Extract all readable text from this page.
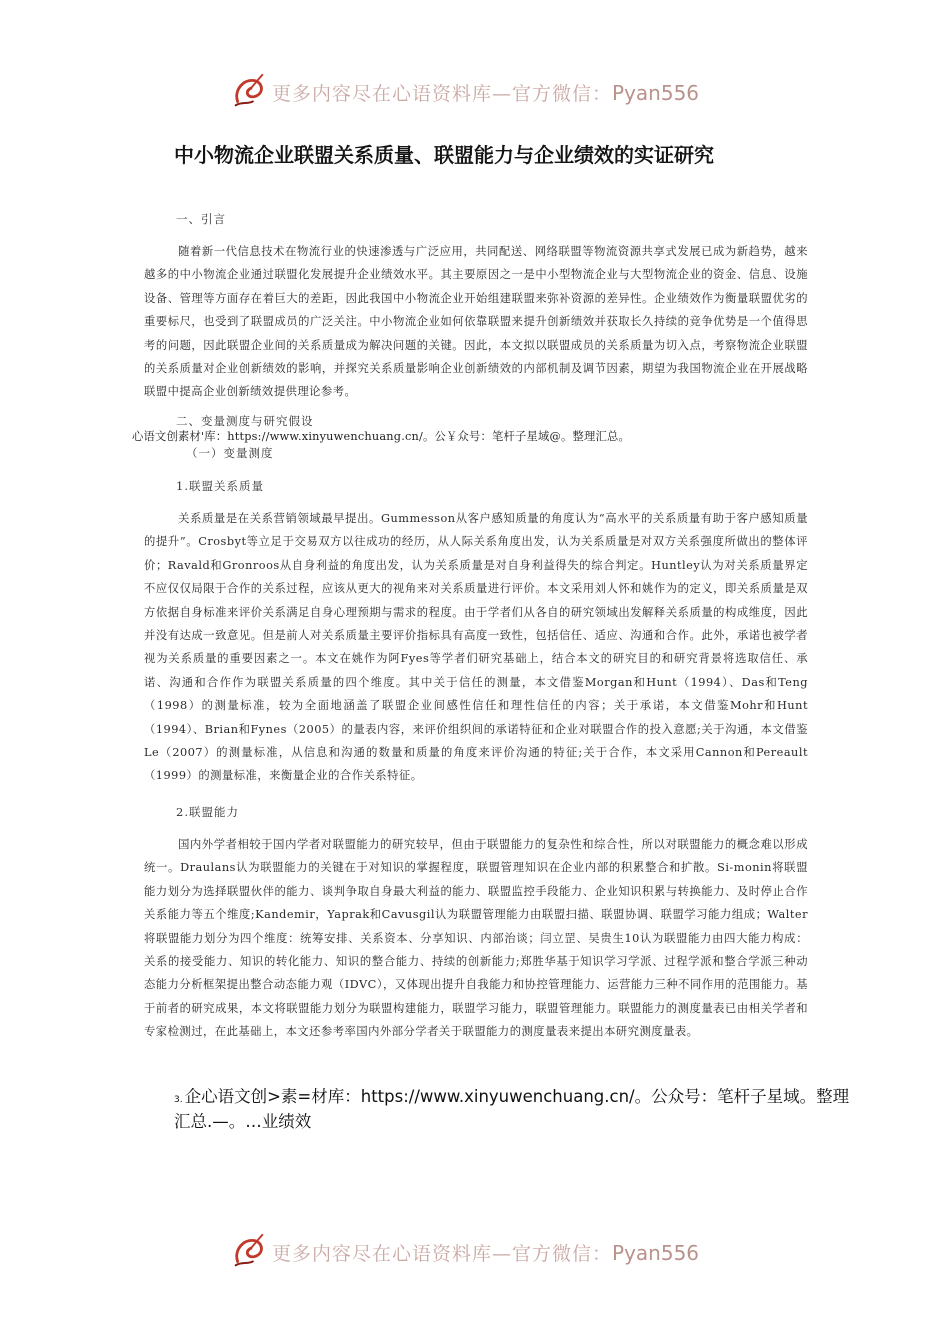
更多内容尽在心语资料库—官方微信：Pyan556
中小物流企业联盟关系质量、联盟能力与企业绩效的实证研究
一、引言

随着新一代信息技术在物流行业的快速渗透与广泛应用，共同配送、网络联盟等物流资源共享式发展已成为新趋势，越来越多的中小物流企业通过联盟化发展提升企业绩效水平。其主要原因之一是中小型物流企业与大型物流企业的资金、信息、设施设备、管理等方面存在着巨大的差距，因此我国中小物流企业开始组建联盟来弥补资源的差异性。企业绩效作为衡量联盟优劣的重要标尺，也受到了联盟成员的广泛关注。中小物流企业如何依靠联盟来提升创新绩效并获取长久持续的竞争优势是一个值得思考的问题，因此联盟企业间的关系质量成为解决问题的关键。因此，本文拟以联盟成员的关系质量为切入点，考察物流企业联盟的关系质量对企业创新绩效的影响，并探究关系质量影响企业创新绩效的内部机制及调节因素，期望为我国物流企业在开展战略联盟中提高企业创新绩效提供理论参考。

二、变量测度与研究假设
心语文创素材'库：https://www.xinyuwenchuang.cn/。公￥众号：笔杆子星域@。整理汇总。
（一）变量测度
1.联盟关系质量

关系质量是在关系营销领域最早提出。Gummesson从客户感知质量的角度认为“高水平的关系质量有助于客户感知质量的提升”。Crosbyt等立足于交易双方以往成功的经历，从人际关系角度出发，认为关系质量是对双方关系强度所做出的整体评价；Ravald和Gronroos从自身利益的角度出发，认为关系质量是对自身利益得失的综合判定。Huntley认为对关系质量界定不应仅仅局限于合作的关系过程，应该从更大的视角来对关系质量进行评价。本文采用刘人怀和姚作为的定义，即关系质量是双方依据自身标准来评价关系满足自身心理预期与需求的程度。由于学者们从各自的研究领域出发解释关系质量的构成维度，因此并没有达成一致意见。但是前人对关系质量主要评价指标具有高度一致性，包括信任、适应、沟通和合作。此外，承诺也被学者视为关系质量的重要因素之一。本文在姚作为阿Fyes等学者们研究基础上，结合本文的研究目的和研究背景将选取信任、承诺、沟通和合作作为联盟关系质量的四个维度。其中关于信任的测量，本文借鉴Morgan和Hunt（1994）、Das和Teng（1998）的测量标准，较为全面地涵盖了联盟企业间感性信任和理性信任的内容；关于承诺，本文借鉴Mohr和Hunt（1994）、Brian和Fynes（2005）的量表内容，来评价组织间的承诺特征和企业对联盟合作的投入意愿;关于沟通，本文借鉴Le（2007）的测量标准，从信息和沟通的数量和质量的角度来评价沟通的特征;关于合作，本文采用Cannon和Pereault（1999）的测量标准，来衡量企业的合作关系特征。

2.联盟能力

国内外学者相较于国内学者对联盟能力的研究较早，但由于联盟能力的复杂性和综合性，所以对联盟能力的概念难以形成统一。Draulans认为联盟能力的关键在于对知识的掌握程度，联盟管理知识在企业内部的积累整合和扩散。Si-monin将联盟能力划分为选择联盟伙伴的能力、谈判争取自身最大利益的能力、联盟监控手段能力、企业知识积累与转换能力、及时停止合作关系能力等五个维度;Kandemir，Yaprak和Cavusgil认为联盟管理能力由联盟扫描、联盟协调、联盟学习能力组成；Walter将联盟能力划分为四个维度：统筹安排、关系资本、分享知识、内部治谈；闫立罡、吴贵生10认为联盟能力由四大能力构成：关系的接受能力、知识的转化能力、知识的整合能力、持续的创新能力;郑胜华基于知识学习学派、过程学派和整合学派三种动态能力分析框架提出整合动态能力观（IDVC），又体现出提升自我能力和协控管理能力、运营能力三种不同作用的范围能力。基于前者的研究成果，本文将联盟能力划分为联盟构建能力，联盟学习能力，联盟管理能力。联盟能力的测度量表已由相关学者和专家检测过，在此基础上，本文还参考率国内外部分学者关于联盟能力的测度量表来提出本研究测度量表。

3. 企心语文创>素=材库：https://www.xinyuwenchuang.cn/。公众号：笔杆子星域。整理汇总.—。…业绩效

更多内容尽在心语资料库—官方微信：Pyan556
